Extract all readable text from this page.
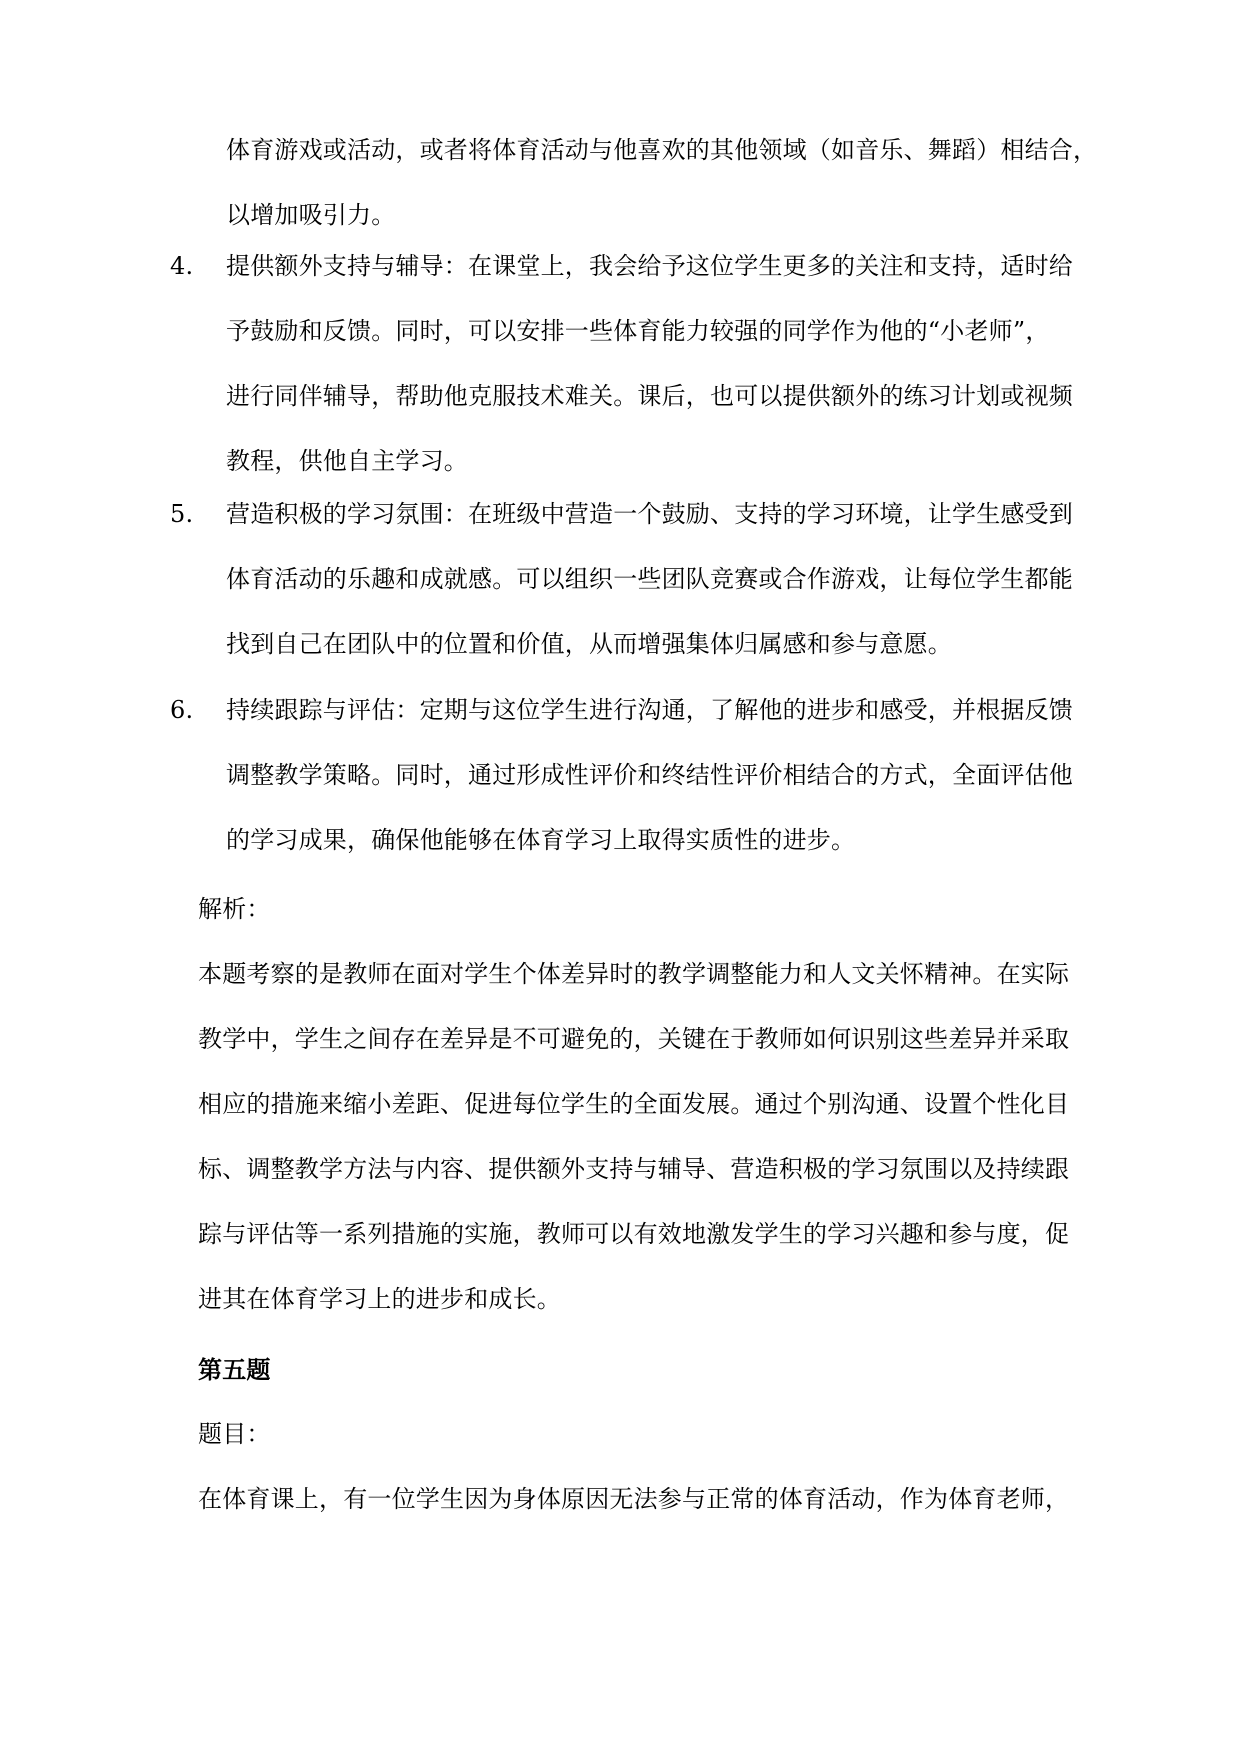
体育游戏或活动，或者将体育活动与他喜欢的其他领域（如音乐、舞蹈）相结合，
以增加吸引力。
4.	提供额外支持与辅导：在课堂上，我会给予这位学生更多的关注和支持，适时给
予鼓励和反馈。同时，可以安排一些体育能力较强的同学作为他的“小老师”，
进行同伴辅导，帮助他克服技术难关。课后，也可以提供额外的练习计划或视频
教程，供他自主学习。
5.	营造积极的学习氛围：在班级中营造一个鼓励、支持的学习环境，让学生感受到
体育活动的乐趣和成就感。可以组织一些团队竞赛或合作游戏，让每位学生都能
找到自己在团队中的位置和价值，从而增强集体归属感和参与意愿。
6.	持续跟踪与评估：定期与这位学生进行沟通，了解他的进步和感受，并根据反馈
调整教学策略。同时，通过形成性评价和终结性评价相结合的方式，全面评估他
的学习成果，确保他能够在体育学习上取得实质性的进步。
解析：
本题考察的是教师在面对学生个体差异时的教学调整能力和人文关怀精神。在实际
教学中，学生之间存在差异是不可避免的，关键在于教师如何识别这些差异并采取
相应的措施来缩小差距、促进每位学生的全面发展。通过个别沟通、设置个性化目
标、调整教学方法与内容、提供额外支持与辅导、营造积极的学习氛围以及持续跟
踪与评估等一系列措施的实施，教师可以有效地激发学生的学习兴趣和参与度，促
进其在体育学习上的进步和成长。
第五题
题目：
在体育课上，有一位学生因为身体原因无法参与正常的体育活动，作为体育老师，
